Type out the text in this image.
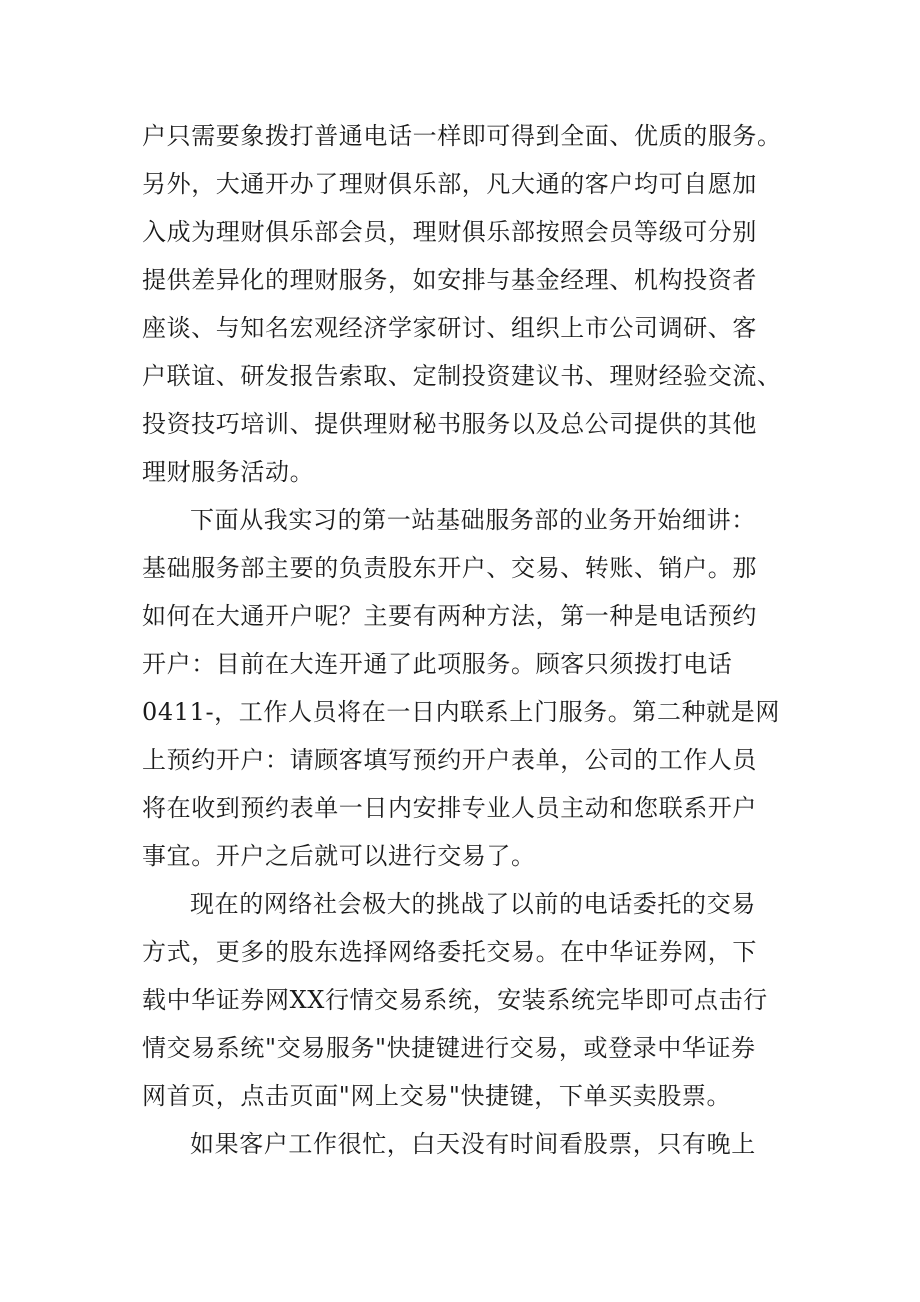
户只需要象拨打普通电话一样即可得到全面、优质的服务。
另外，大通开办了理财俱乐部，凡大通的客户均可自愿加
入成为理财俱乐部会员，理财俱乐部按照会员等级可分别
提供差异化的理财服务，如安排与基金经理、机构投资者
座谈、与知名宏观经济学家研讨、组织上市公司调研、客
户联谊、研发报告索取、定制投资建议书、理财经验交流、
投资技巧培训、提供理财秘书服务以及总公司提供的其他
理财服务活动。
下面从我实习的第一站基础服务部的业务开始细讲：
基础服务部主要的负责股东开户、交易、转账、销户。那
如何在大通开户呢？主要有两种方法，第一种是电话预约
开户：目前在大连开通了此项服务。顾客只须拨打电话
0411-，工作人员将在一日内联系上门服务。第二种就是网
上预约开户：请顾客填写预约开户表单，公司的工作人员
将在收到预约表单一日内安排专业人员主动和您联系开户
事宜。开户之后就可以进行交易了。
现在的网络社会极大的挑战了以前的电话委托的交易
方式，更多的股东选择网络委托交易。在中华证券网，下
载中华证券网XX行情交易系统，安装系统完毕即可点击行
情交易系统"交易服务"快捷键进行交易，或登录中华证券
网首页，点击页面"网上交易"快捷键，下单买卖股票。
如果客户工作很忙，白天没有时间看股票，只有晚上
